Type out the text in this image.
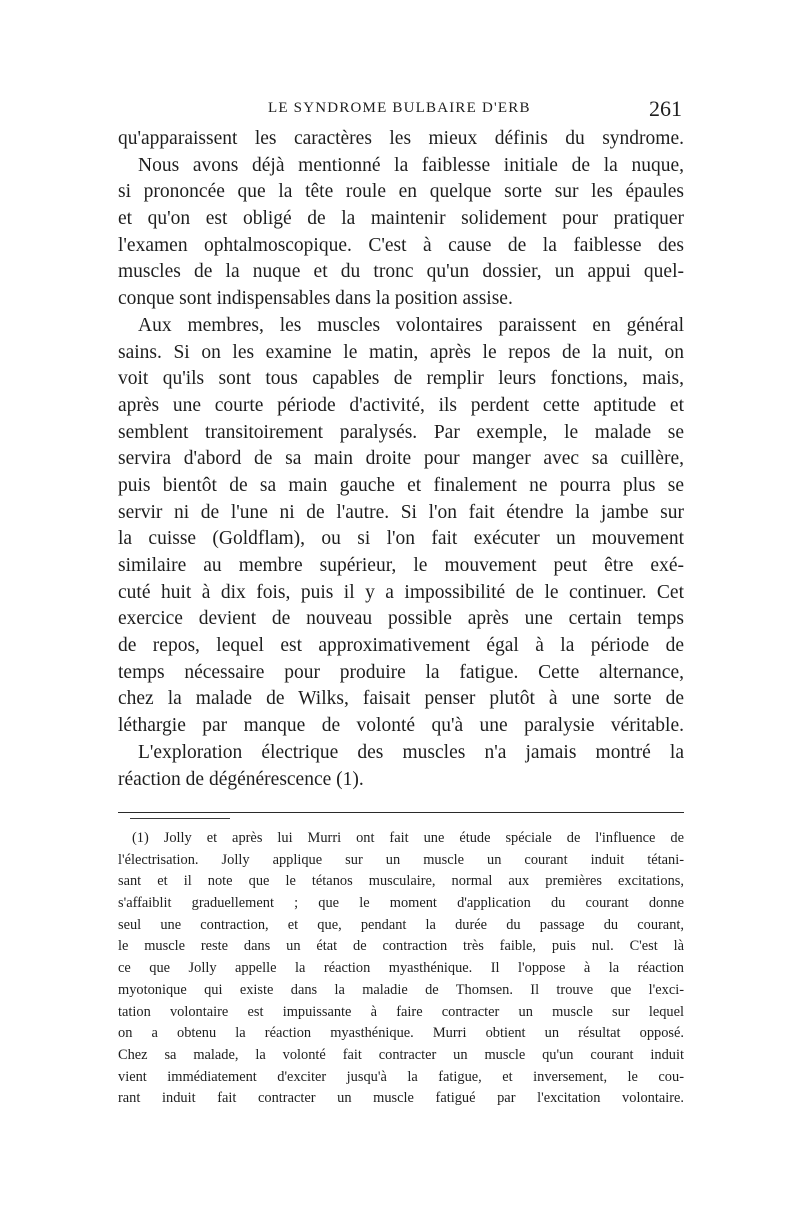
LE SYNDROME BULBAIRE D'ERB	261
qu'apparaissent les caractères les mieux définis du syndrome.
Nous avons déjà mentionné la faiblesse initiale de la nuque,
si prononcée que la tête roule en quelque sorte sur les épaules
et qu'on est obligé de la maintenir solidement pour pratiquer
l'examen ophtalmoscopique. C'est à cause de la faiblesse des
muscles de la nuque et du tronc qu'un dossier, un appui quel-
conque sont indispensables dans la position assise.
Aux membres, les muscles volontaires paraissent en général
sains. Si on les examine le matin, après le repos de la nuit, on
voit qu'ils sont tous capables de remplir leurs fonctions, mais,
après une courte période d'activité, ils perdent cette aptitude et
semblent transitoirement paralysés. Par exemple, le malade se
servira d'abord de sa main droite pour manger avec sa cuillère,
puis bientôt de sa main gauche et finalement ne pourra plus se
servir ni de l'une ni de l'autre. Si l'on fait étendre la jambe sur
la cuisse (Goldflam), ou si l'on fait exécuter un mouvement
similaire au membre supérieur, le mouvement peut être exé-
cuté huit à dix fois, puis il y a impossibilité de le continuer. Cet
exercice devient de nouveau possible après une certain temps
de repos, lequel est approximativement égal à la période de
temps nécessaire pour produire la fatigue. Cette alternance,
chez la malade de Wilks, faisait penser plutôt à une sorte de
léthargie par manque de volonté qu'à une paralysie véritable.
L'exploration électrique des muscles n'a jamais montré la
réaction de dégénérescence (1).
(1) Jolly et après lui Murri ont fait une étude spéciale de l'influence de
l'électrisation. Jolly applique sur un muscle un courant induit tétani-
sant et il note que le tétanos musculaire, normal aux premières excitations,
s'affaiblit graduellement ; que le moment d'application du courant donne
seul une contraction, et que, pendant la durée du passage du courant,
le muscle reste dans un état de contraction très faible, puis nul. C'est là
ce que Jolly appelle la réaction myasthénique. Il l'oppose à la réaction
myotonique qui existe dans la maladie de Thomsen. Il trouve que l'exci-
tation volontaire est impuissante à faire contracter un muscle sur lequel
on a obtenu la réaction myasthénique. Murri obtient un résultat opposé.
Chez sa malade, la volonté fait contracter un muscle qu'un courant induit
vient immédiatement d'exciter jusqu'à la fatigue, et inversement, le cou-
rant induit fait contracter un muscle fatigué par l'excitation volontaire.
